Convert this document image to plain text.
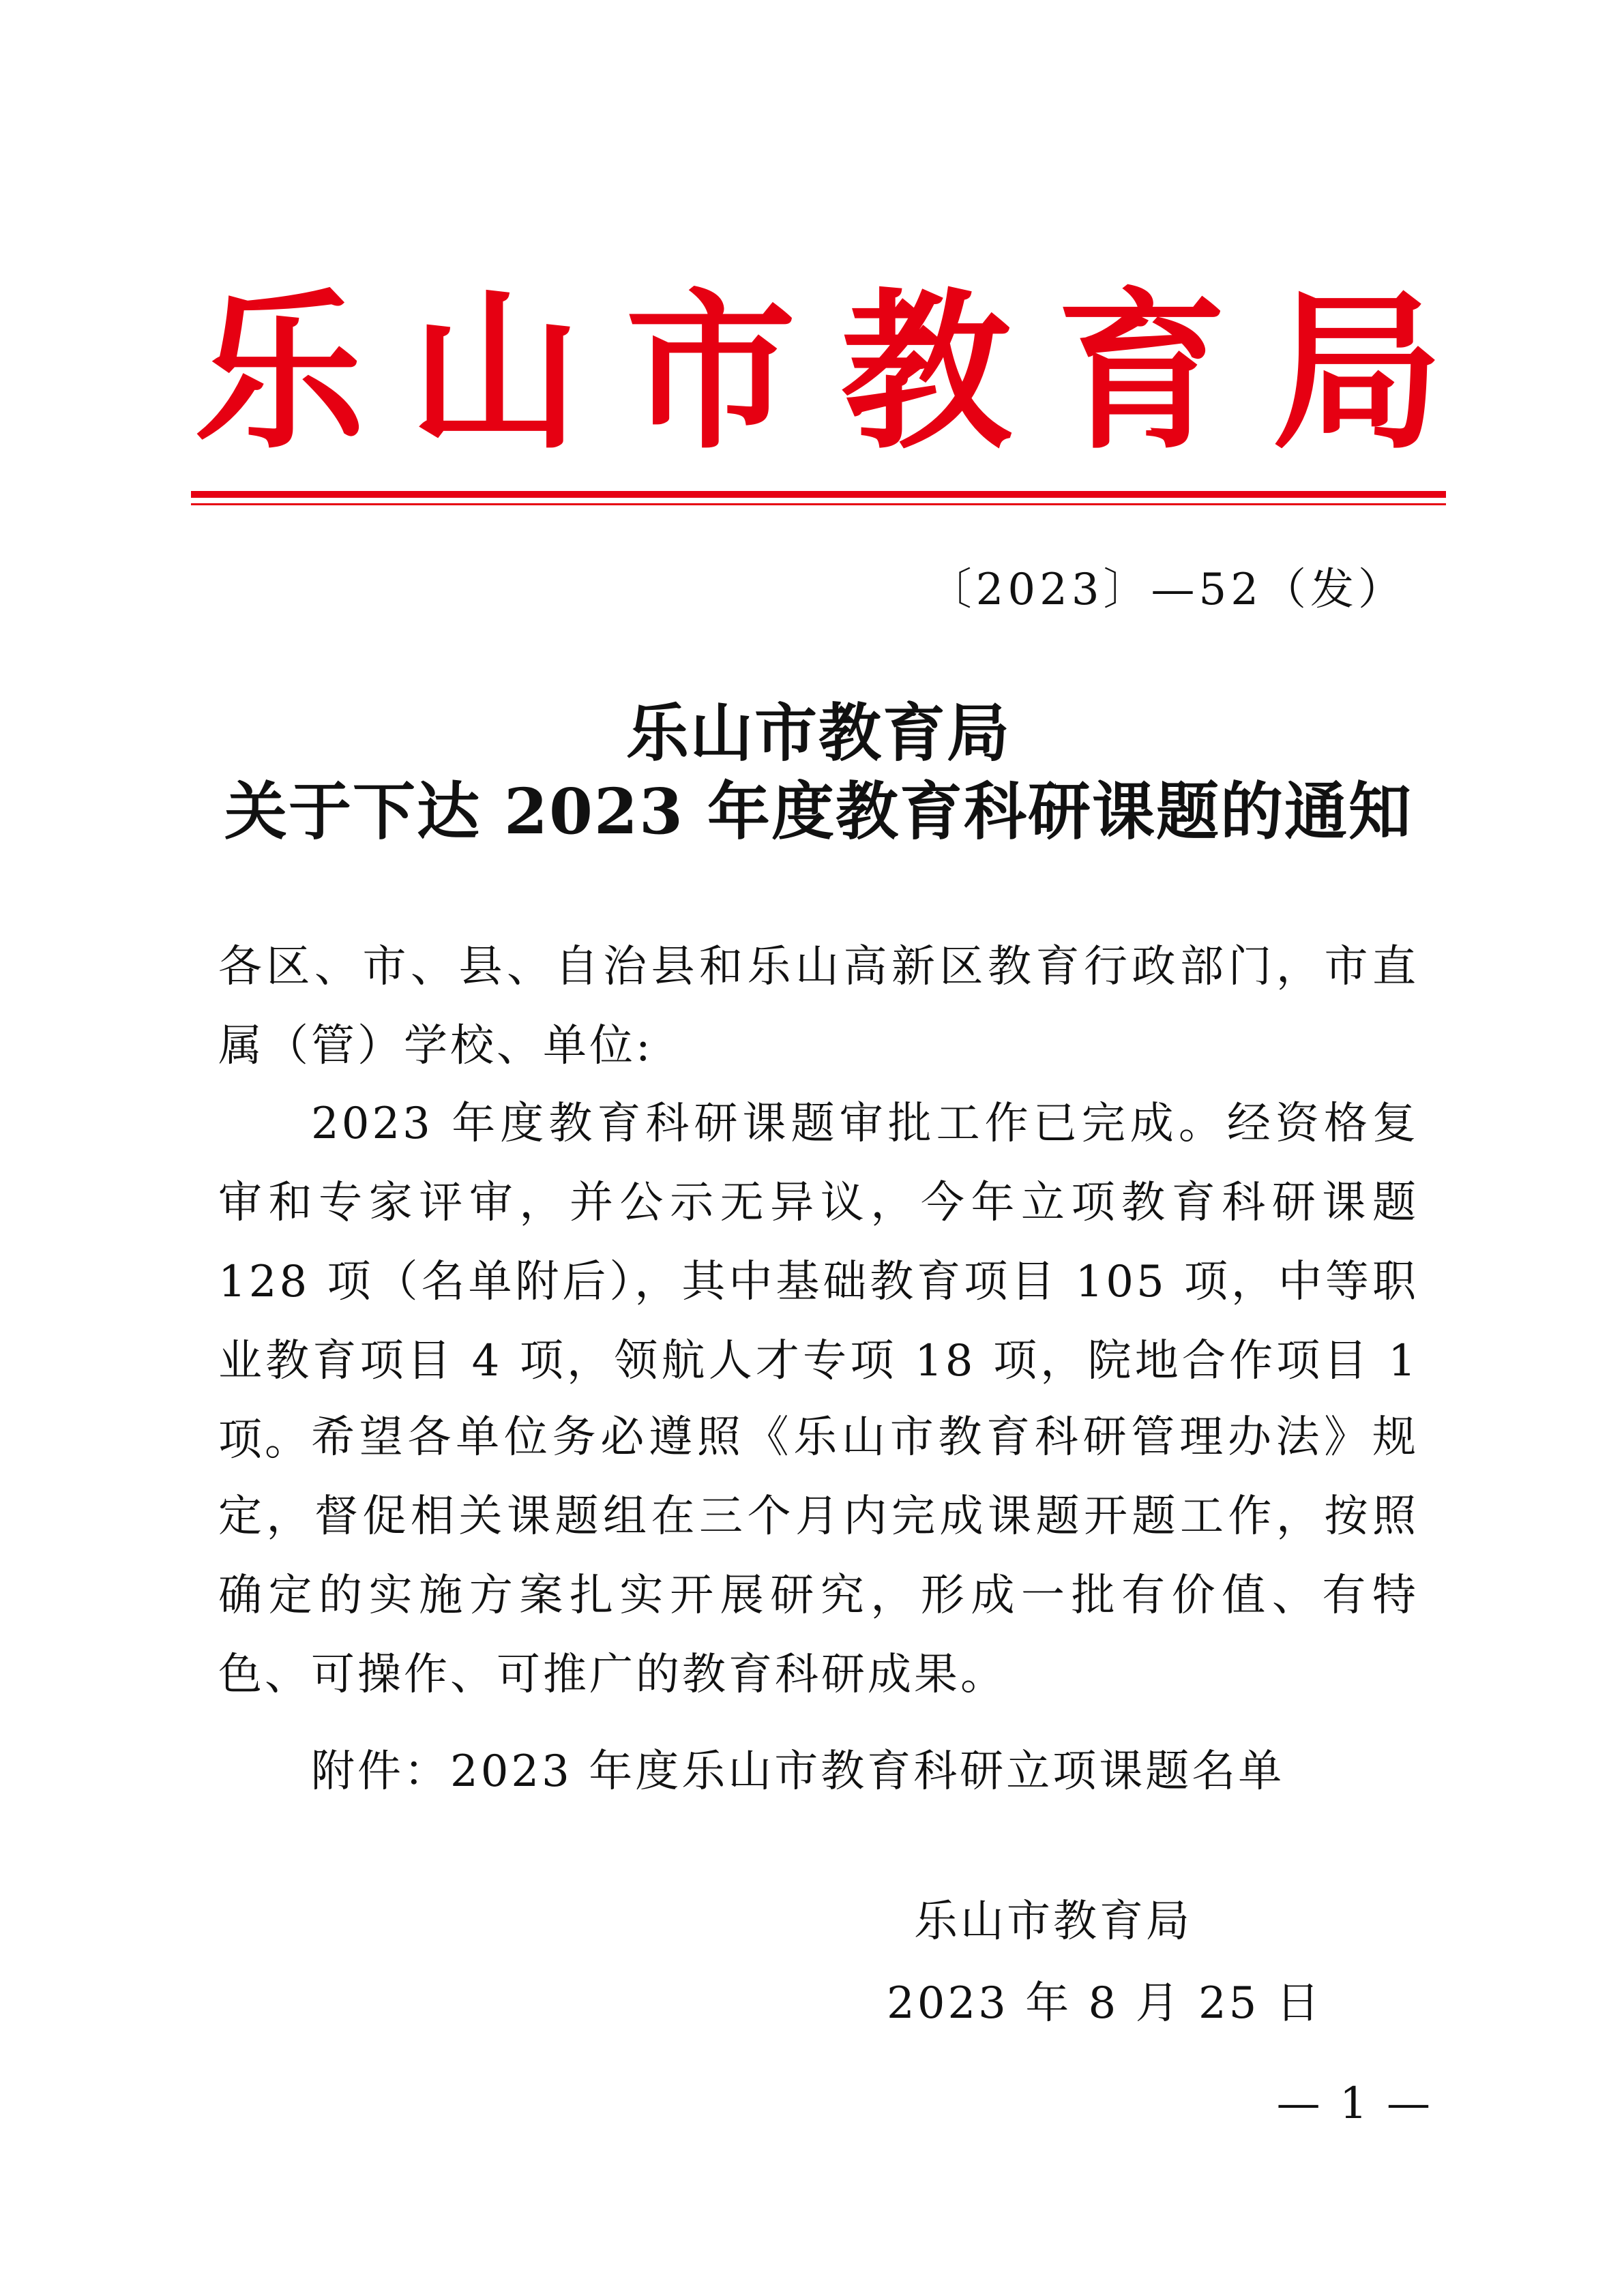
乐 山 市 教 育 局
〔2023〕—52（发）
乐山市教育局
关于下达 2023 年度教育科研课题的通知
各区、市、县、自治县和乐山高新区教育行政部门，市直属（管）学校、单位:
2023 年度教育科研课题审批工作已完成。经资格复审和专家评审，并公示无异议，今年立项教育科研课题 128 项（名单附后），其中基础教育项目 105 项，中等职业教育项目 4 项，领航人才专项 18 项，院地合作项目 1 项。 希望各单位务必遵照《乐山市教育科研管理办法》规定，督促相关课题组在三个月内完成课题开题工作，按照确定的实施方案扎实开展研究，形成一批有价值、有特色、可操作、可推广的教育科研成果。
附件：2023 年度乐山市教育科研立项课题名单
乐山市教育局
2023 年 8 月 25 日
— 1 —
